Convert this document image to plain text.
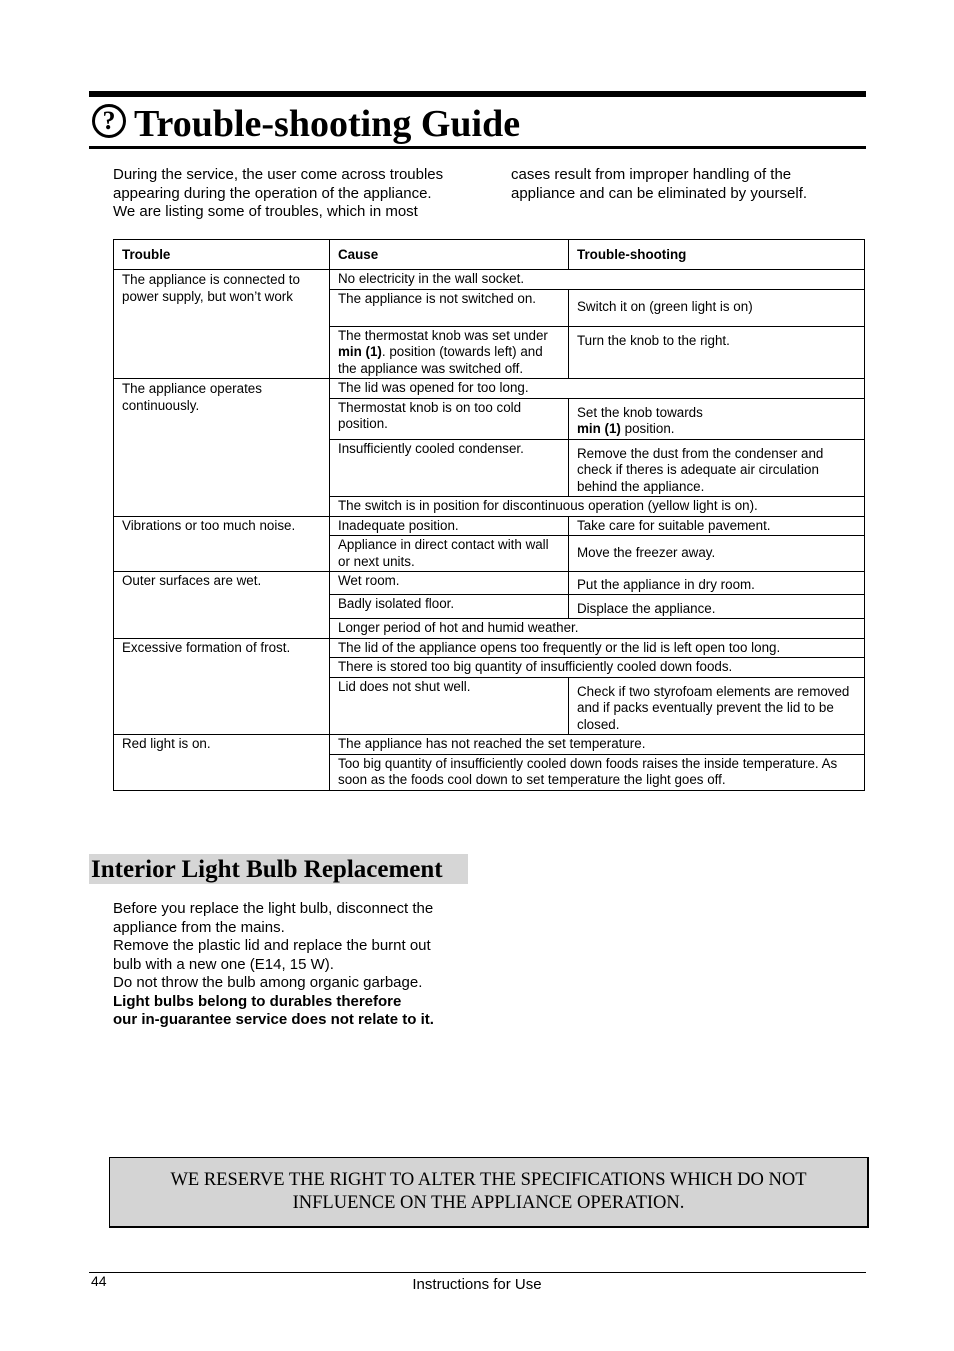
? Trouble-shooting Guide
During the service, the user come across troubles
appearing during the operation of the appliance.
We are listing some of troubles, which in most
cases result from improper handling of the
appliance and can be eliminated by yourself.
Trouble	Cause	Trouble-shooting
The appliance is connected to power supply, but won’t work	No electricity in the wall socket.	
	The appliance is not switched on.	Switch it on (green light is on)
	The thermostat knob was set under min (1). position (towards left) and the appliance was switched off.	Turn the knob to the right.
The appliance operates continuously.	The lid was opened for too long.	
	Thermostat knob is on too cold position.	Set the knob towards
min (1) position.
	Insufficiently cooled condenser.	Remove the dust from the condenser and check if theres is adequate air circulation behind the appliance.
	The switch is in position for discontinuous operation (yellow light is on).	
Vibrations or too much noise.	Inadequate position.	Take care for suitable pavement.
	Appliance in direct contact with wall or next units.	Move the freezer away.
Outer surfaces are wet.	Wet room.	Put the appliance in dry room.
	Badly isolated floor.	Displace the appliance.
	Longer period of hot and humid weather.	
Excessive formation of frost.	The lid of the appliance opens too frequently or the lid is left open too long.	
	There is stored too big quantity of insufficiently cooled down foods.	
	Lid does not shut well.	Check if two styrofoam elements are removed and if packs eventually prevent the lid to be closed.
Red light is on.	The appliance has not reached the set temperature.	
	Too big quantity of insufficiently cooled down foods raises the inside temperature. As soon as the foods cool down to set temperature the light goes off.	
Interior Light Bulb Replacement
Before you replace the light bulb, disconnect the
appliance from the mains.
Remove the plastic lid and replace the burnt out
bulb with a new one (E14, 15 W).
Do not throw the bulb among organic garbage.
Light bulbs belong to durables therefore
our in-guarantee service does not relate to it.
WE RESERVE THE RIGHT TO ALTER THE SPECIFICATIONS WHICH DO NOT
INFLUENCE ON THE APPLIANCE OPERATION.
44	Instructions for Use
